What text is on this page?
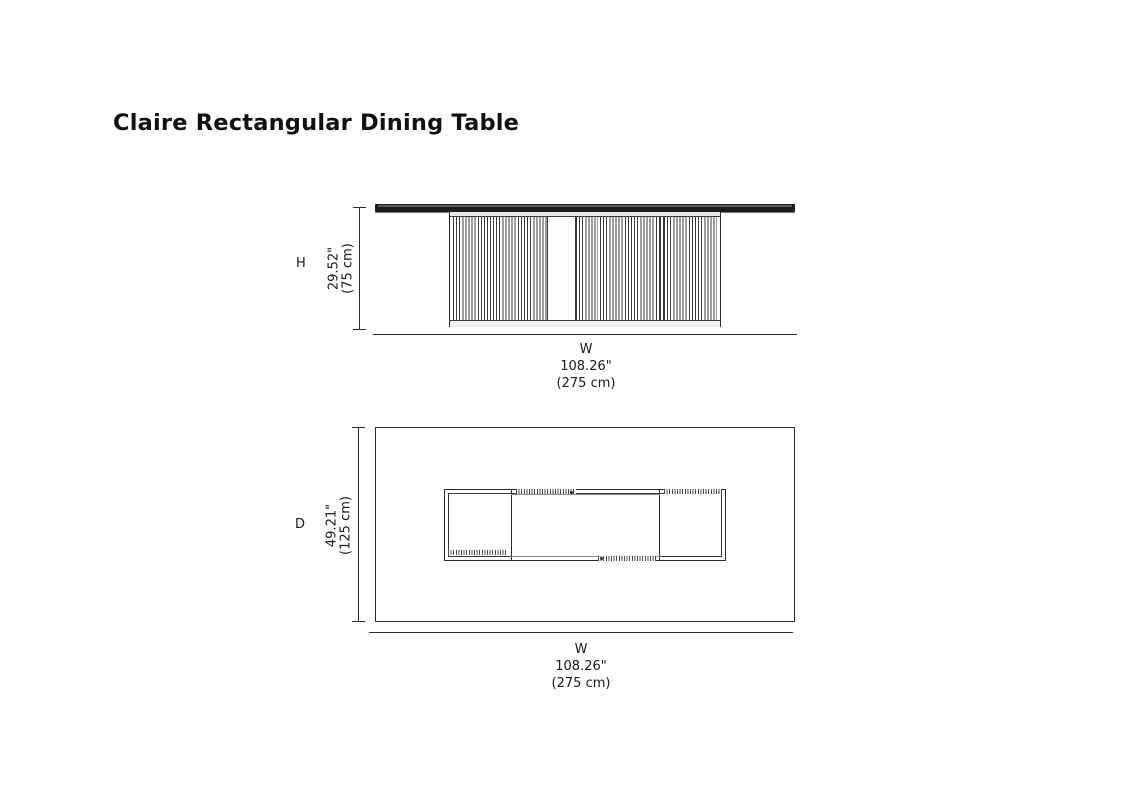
Claire Rectangular Dining Table
H 29.52" (75 cm)
W
108.26"
(275 cm)
D 49.21" (125 cm)
W
108.26"
(275 cm)
